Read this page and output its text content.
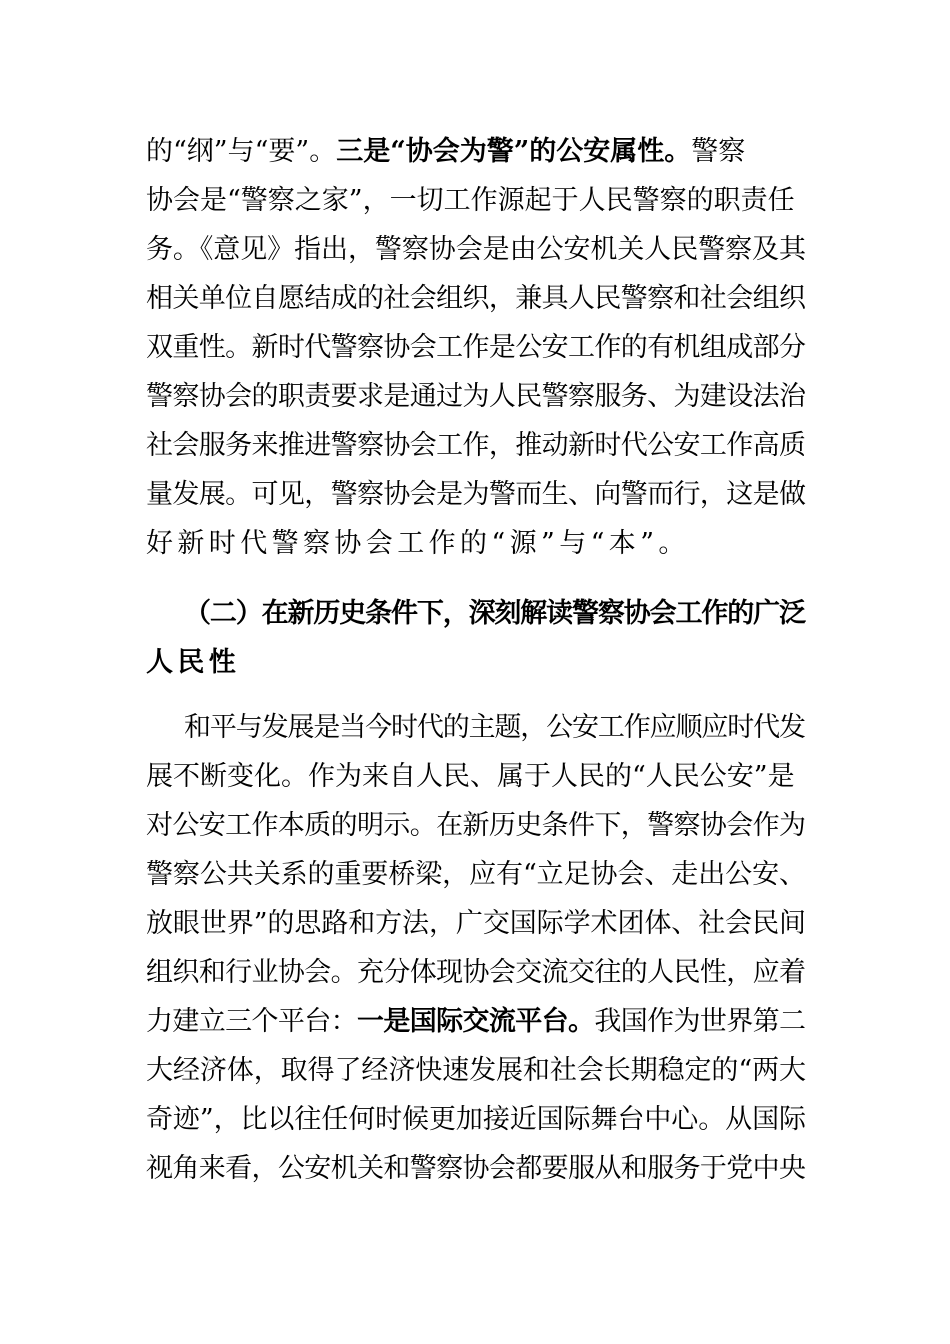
的“纲”与“要”。三是“协会为警”的公安属性。警察
协会是“警察之家”，一切工作源起于人民警察的职责任
务。《意见》指出，警察协会是由公安机关人民警察及其
相关单位自愿结成的社会组织，兼具人民警察和社会组织
双重性。新时代警察协会工作是公安工作的有机组成部分
警察协会的职责要求是通过为人民警察服务、为建设法治
社会服务来推进警察协会工作，推动新时代公安工作高质
量发展。可见，警察协会是为警而生、向警而行，这是做
好新时代警察协会工作的“源”与“本”。
（二）在新历史条件下，深刻解读警察协会工作的广泛
人民性
和平与发展是当今时代的主题，公安工作应顺应时代发
展不断变化。作为来自人民、属于人民的“人民公安”是
对公安工作本质的明示。在新历史条件下，警察协会作为
警察公共关系的重要桥梁，应有“立足协会、走出公安、
放眼世界”的思路和方法，广交国际学术团体、社会民间
组织和行业协会。充分体现协会交流交往的人民性，应着
力建立三个平台：一是国际交流平台。我国作为世界第二
大经济体，取得了经济快速发展和社会长期稳定的“两大
奇迹”，比以往任何时候更加接近国际舞台中心。从国际
视角来看，公安机关和警察协会都要服从和服务于党中央
